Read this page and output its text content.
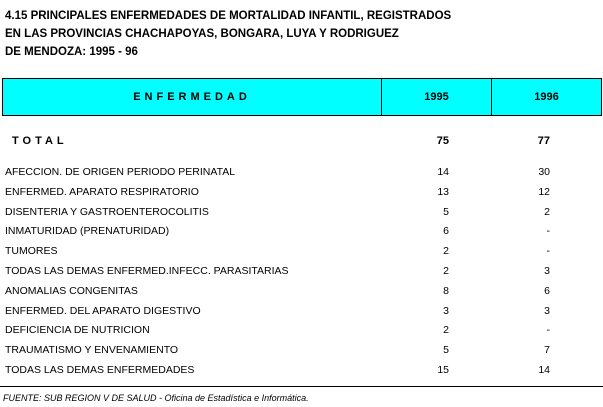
4.15 PRINCIPALES ENFERMEDADES DE MORTALIDAD INFANTIL, REGISTRADOS
EN LAS PROVINCIAS CHACHAPOYAS, BONGARA, LUYA Y RODRIGUEZ
DE MENDOZA: 1995 - 96
ENFERMEDAD	1995	1996
TOTAL	75	77
AFECCION. DE ORIGEN PERIODO PERINATAL	14	30
ENFERMED. APARATO RESPIRATORIO	13	12
DISENTERIA Y GASTROENTEROCOLITIS	5	2
INMATURIDAD (PRENATURIDAD)	6	-
TUMORES	2	-
TODAS LAS DEMAS ENFERMED.INFECC. PARASITARIAS	2	3
ANOMALIAS CONGENITAS	8	6
ENFERMED. DEL APARATO DIGESTIVO	3	3
DEFICIENCIA DE NUTRICION	2	-
TRAUMATISMO Y ENVENAMIENTO	5	7
TODAS LAS DEMAS ENFERMEDADES	15	14
FUENTE: SUB REGION V DE SALUD - Oficina de Estadística e Informática.
